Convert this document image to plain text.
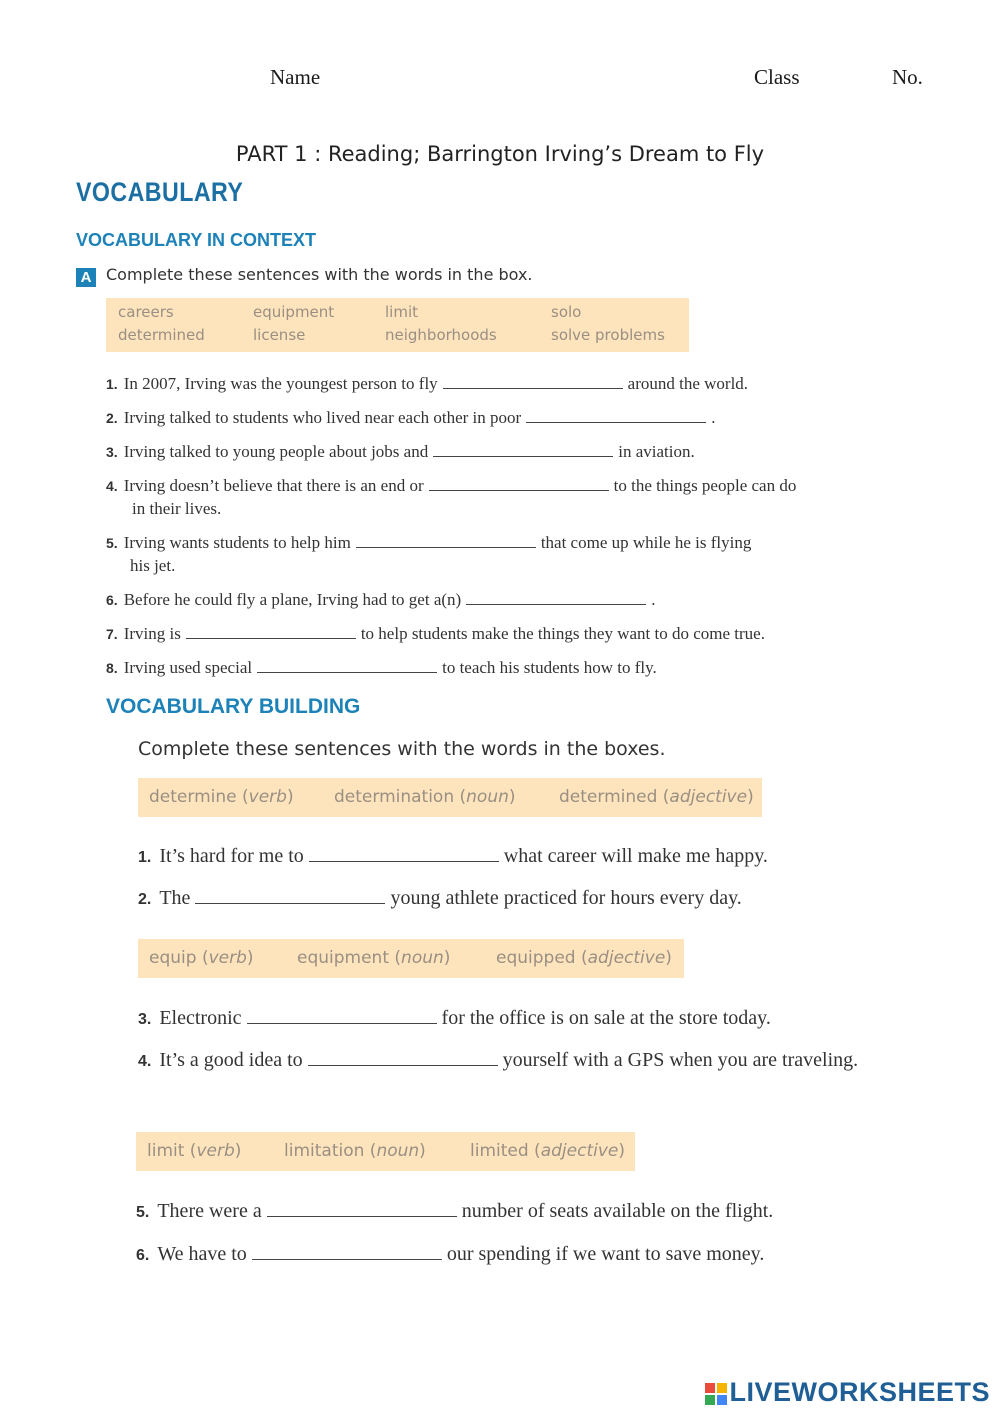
Name	Class	No.
PART 1 : Reading; Barrington Irving’s Dream to Fly
VOCABULARY
VOCABULARY IN CONTEXT
A Complete these sentences with the words in the box.
careers	equipment	limit	solo
determined	license	neighborhoods	solve problems
1. In 2007, Irving was the youngest person to fly	around the world.
2. Irving talked to students who lived near each other in poor	.
3. Irving talked to young people about jobs and	in aviation.
4. Irving doesn’t believe that there is an end or	to the things people can do
in their lives.
5. Irving wants students to help him	that come up while he is flying
his jet.
6. Before he could fly a plane, Irving had to get a(n)	.
7. Irving is	to help students make the things they want to do come true.
8. Irving used special	to teach his students how to fly.
VOCABULARY BUILDING
Complete these sentences with the words in the boxes.
determine (verb) determination (noun)	determined (adjective)
1. It’s hard for me to	what career will make me happy.
2. The	young athlete practiced for hours every day.
equip (verb)	equipment (noun)	equipped (adjective)
3. Electronic	for the office is on sale at the store today.
4. It’s a good idea to	yourself with a GPS when you are traveling.
limit (verb)	limitation (noun)	limited (adjective)
5. There were a	number of seats available on the flight.
6. We have to	our spending if we want to save money.
LIVEWORKSHEETS
